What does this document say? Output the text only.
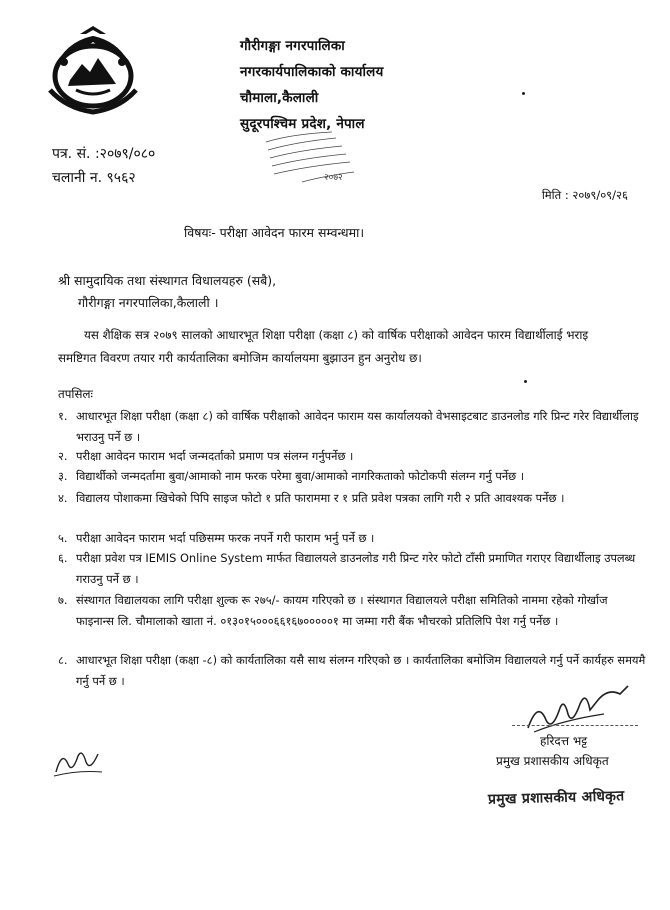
गौरीगङ्गा नगरपालिका
नगरकार्यपालिकाको कार्यालय
चौमाला,कैलाली
सुदूरपश्चिम प्रदेश, नेपाल
पत्र. सं. :२०७९/०८०
चलानी न. ९५६२	२०७२
मिति : २०७९/०९/२६
विषयः- परीक्षा आवेदन फारम सम्वन्धमा।
श्री सामुदायिक तथा संस्थागत विधालयहरु (सबै),
गौरीगङ्गा नगरपालिका,कैलाली ।
यस शैक्षिक सत्र २०७९ सालको आधारभूत शिक्षा परीक्षा (कक्षा ८) को वार्षिक परीक्षाको आवेदन फारम विद्यार्थीलाई भराइ समष्टिगत विवरण तयार गरी कार्यतालिका बमोजिम कार्यालयमा बुझाउन हुन अनुरोध छ।
तपसिलः
१. आधारभूत शिक्षा परीक्षा (कक्षा ८) को वार्षिक परीक्षाको आवेदन फाराम यस कार्यालयको वेभसाइटबाट डाउनलोड गरि प्रिन्ट गरेर विद्यार्थीलाइ भराउनु पर्ने छ ।
२. परीक्षा आवेदन फाराम भर्दा जन्मदर्ताको प्रमाण पत्र संलग्न गर्नुपर्नेछ ।
३. विद्यार्थीको जन्मदर्तामा बुवा/आमाको नाम फरक परेमा बुवा/आमाको नागरिकताको फोटोकपी संलग्न गर्नु पर्नेछ ।
४. विद्यालय पोशाकमा खिचेको पिपि साइज फोटो १ प्रति फाराममा र १ प्रति प्रवेश पत्रका लागि गरी २ प्रति आवश्यक पर्नेछ ।
५. परीक्षा आवेदन फाराम भर्दा पछिसम्म फरक नपर्ने गरी फाराम भर्नु पर्ने छ ।
६. परीक्षा प्रवेश पत्र IEMIS Online System मार्फत विद्यालयले डाउनलोड गरी प्रिन्ट गरेर फोटो टाँसी प्रमाणित गराएर विद्यार्थीलाइ उपलब्ध गराउनु पर्ने छ ।
७. संस्थागत विद्यालयका लागि परीक्षा शुल्क रू २७५/- कायम गरिएको छ । संस्थागत विद्यालयले परीक्षा समितिको नाममा रहेको गोर्खाज फाइनान्स लि. चौमालाको खाता नं. ०१३०१५०००६६१६७०००००१ मा जम्मा गरी बैंक भौचरको प्रतिलिपि पेश गर्नु पर्नेछ ।
८. आधारभूत शिक्षा परीक्षा (कक्षा -८) को कार्यतालिका यसै साथ संलग्न गरिएको छ । कार्यतालिका बमोजिम विद्यालयले गर्नु पर्ने कार्यहरु समयमै गर्नु पर्ने छ ।
हरिदत्त भट्ट
प्रमुख प्रशासकीय अधिकृत
प्रमुख प्रशासकीय अधिकृत
